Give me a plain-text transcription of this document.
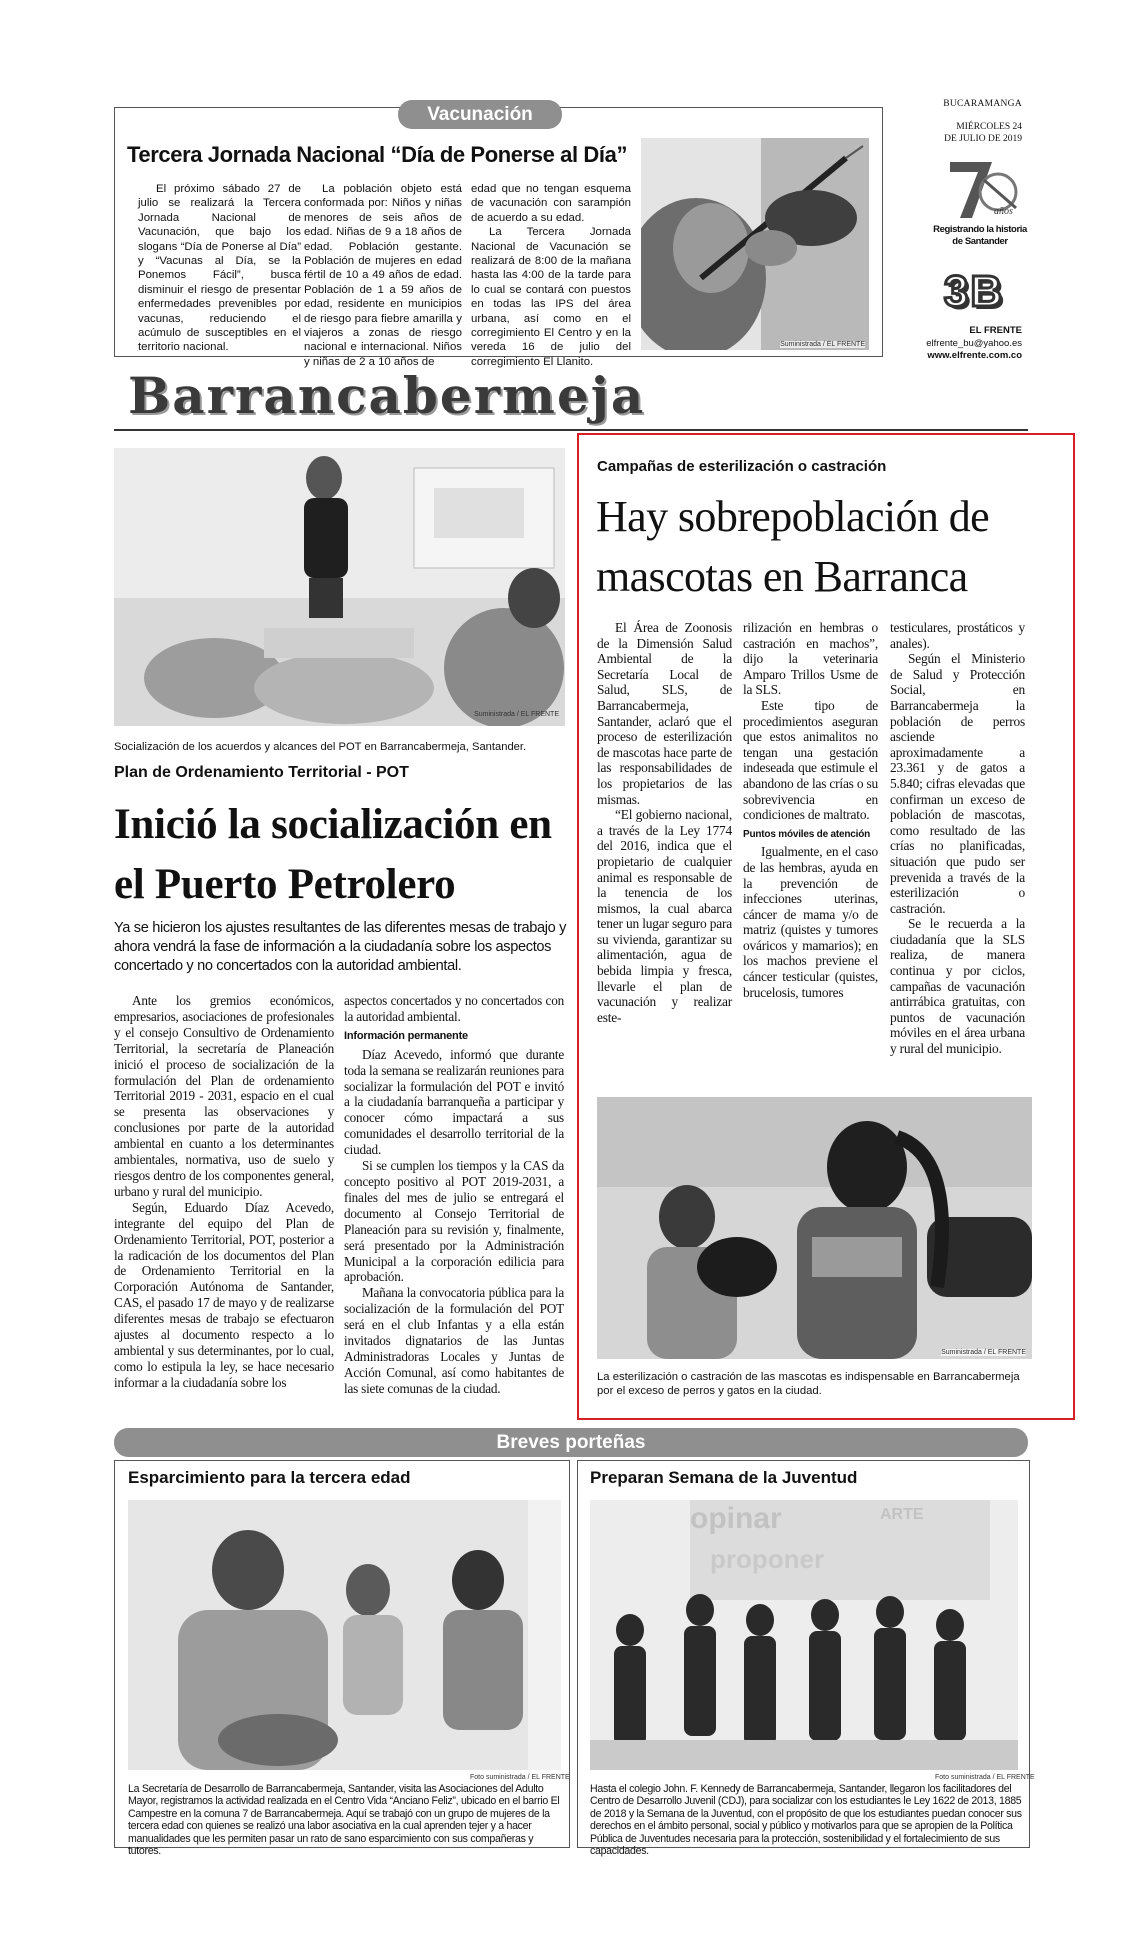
Vacunación
Tercera Jornada Nacional “Día de Ponerse al Día”

El próximo sábado 27 de julio se realizará la Tercera Jornada Nacional de Vacunación, que bajo los slogans “Día de Ponerse al Día” y “Vacunas al Día, se la Ponemos Fácil”, busca disminuir el riesgo de presentar enfermedades prevenibles por vacunas, reduciendo el acúmulo de susceptibles en el territorio nacional.

La población objeto está conformada por: Niños y niñas menores de seis años de edad. Niñas de 9 a 18 años de edad. Población gestante. Población de mujeres en edad fértil de 10 a 49 años de edad. Población de 1 a 59 años de edad, residente en municipios de riesgo para fiebre amarilla y viajeros a zonas de riesgo nacional e internacional. Niños y niñas de 2 a 10 años de

edad que no tengan esquema de vacunación con sarampión de acuerdo a su edad.

La Tercera Jornada Nacional de Vacunación se realizará de 8:00 de la mañana hasta las 4:00 de la tarde para lo cual se contará con puestos en todas las IPS del área urbana, así como en el corregimiento El Centro y en la vereda 16 de julio del corregimiento El Llanito.

Suministrada / EL FRENTE
BUCARAMANGA
MIÉRCOLES 24
DE JULIO DE 2019
años
Registrando la historia
de Santander
3B
EL FRENTE
elfrente_bu@yahoo.es
www.elfrente.com.co
Barrancabermeja
Suministrada / EL FRENTE
Socialización de los acuerdos y alcances del POT en Barrancabermeja, Santander.
Plan de Ordenamiento Territorial - POT
Inició la socialización en el Puerto Petrolero
Ya se hicieron los ajustes resultantes de las diferentes mesas de trabajo y ahora vendrá la fase de información a la ciudadanía sobre los aspectos concertado y no concertados con la autoridad ambiental.

Ante los gremios económicos, empresarios, asociaciones de profesionales y el consejo Consultivo de Ordenamiento Territorial, la secretaría de Planeación inició el proceso de socialización de la formulación del Plan de ordenamiento Territorial 2019 - 2031, espacio en el cual se presenta las observaciones y conclusiones por parte de la autoridad ambiental en cuanto a los determinantes ambientales, normativa, uso de suelo y riesgos dentro de los componentes general, urbano y rural del municipio.

Según, Eduardo Díaz Acevedo, integrante del equipo del Plan de Ordenamiento Territorial, POT, posterior a la radicación de los documentos del Plan de Ordenamiento Territorial en la Corporación Autónoma de Santander, CAS, el pasado 17 de mayo y de realizarse diferentes mesas de trabajo se efectuaron ajustes al documento respecto a lo ambiental y sus determinantes, por lo cual, como lo estipula la ley, se hace necesario informar a la ciudadanía sobre los

aspectos concertados y no concertados con la autoridad ambiental.

Información permanente

Díaz Acevedo, informó que durante toda la semana se realizarán reuniones para socializar la formulación del POT e invitó a la ciudadanía barranqueña a participar y conocer cómo impactará a sus comunidades el desarrollo territorial de la ciudad.

Si se cumplen los tiempos y la CAS da concepto positivo al POT 2019-2031, a finales del mes de julio se entregará el documento al Consejo Territorial de Planeación para su revisión y, finalmente, será presentado por la Administración Municipal a la corporación edilicia para aprobación.

Mañana la convocatoria pública para la socialización de la formulación del POT será en el club Infantas y a ella están invitados dignatarios de las Juntas Administradoras Locales y Juntas de Acción Comunal, así como habitantes de las siete comunas de la ciudad.

Campañas de esterilización o castración
Hay sobrepoblación de mascotas en Barranca

El Área de Zoonosis de la Dimensión Salud Ambiental de la Secretaría Local de Salud, SLS, de Barrancabermeja, Santander, aclaró que el proceso de esterilización de mascotas hace parte de las responsabilidades de los propietarios de las mismas.

“El gobierno nacional, a través de la Ley 1774 del 2016, indica que el propietario de cualquier animal es responsable de la tenencia de los mismos, la cual abarca tener un lugar seguro para su vivienda, garantizar su alimentación, agua de bebida limpia y fresca, llevarle el plan de vacunación y realizar este-

rilización en hembras o castración en machos”, dijo la veterinaria Amparo Trillos Usme de la SLS.

Este tipo de procedimientos aseguran que estos animalitos no tengan una gestación indeseada que estimule el abandono de las crías o su sobrevivencia en condiciones de maltrato.

Puntos móviles de atención

Igualmente, en el caso de las hembras, ayuda en la prevención de infecciones uterinas, cáncer de mama y/o de matriz (quistes y tumores ováricos y mamarios); en los machos previene el cáncer testicular (quistes, brucelosis, tumores

testiculares, prostáticos y anales).

Según el Ministerio de Salud y Protección Social, en Barrancabermeja la población de perros asciende aproximadamente a 23.361 y de gatos a 5.840; cifras elevadas que confirman un exceso de población de mascotas, como resultado de las crías no planificadas, situación que pudo ser prevenida a través de la esterilización o castración.

Se le recuerda a la ciudadanía que la SLS realiza, de manera continua y por ciclos, campañas de vacunación antirrábica gratuitas, con puntos de vacunación móviles en el área urbana y rural del municipio.

Suministrada / EL FRENTE
La esterilización o castración de las mascotas es indispensable en Barrancabermeja por el exceso de perros y gatos en la ciudad.
Breves porteñas
Esparcimiento para la tercera edad
Foto suministrada / EL FRENTE
La Secretaría de Desarrollo de Barrancabermeja, Santander, visita las Asociaciones del Adulto Mayor, registramos la actividad realizada en el Centro Vida “Anciano Feliz”, ubicado en el barrio El Campestre en la comuna 7 de Barrancabermeja. Aquí se trabajó con un grupo de mujeres de la tercera edad con quienes se realizó una labor asociativa en la cual aprenden tejer y a hacer manualidades que les permiten pasar un rato de sano esparcimiento con sus compañeras y tutores.
Preparan Semana de la Juventud
opinar	ARTE
proponer
Foto suministrada / EL FRENTE
Hasta el colegio John. F. Kennedy de Barrancabermeja, Santander, llegaron los facilitadores del Centro de Desarrollo Juvenil (CDJ), para socializar con los estudiantes le Ley 1622 de 2013, 1885 de 2018 y la Semana de la Juventud, con el propósito de que los estudiantes puedan conocer sus derechos en el ámbito personal, social y público y motivarlos para que se apropien de la Política Pública de Juventudes necesaria para la protección, sostenibilidad y el fortalecimiento de sus capacidades.
